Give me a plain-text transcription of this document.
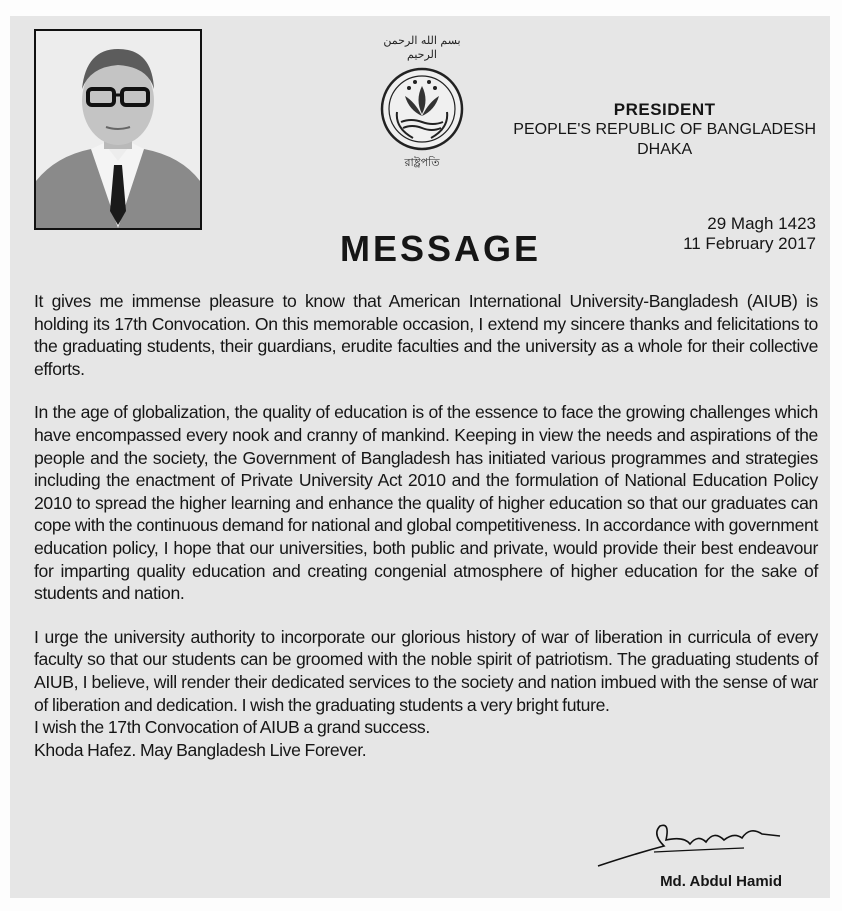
بسم الله الرحمن الرحيم
রাষ্ট্রপতি
PRESIDENT
PEOPLE'S REPUBLIC OF BANGLADESH
DHAKA
29 Magh 1423
11 February 2017
MESSAGE

It gives me immense pleasure to know that American International University-Bangladesh (AIUB) is holding its 17th Convocation. On this memorable occasion, I extend my sincere thanks and felicitations to the graduating students, their guardians, erudite faculties and the university as a whole for their collective efforts.

In the age of globalization, the quality of education is of the essence to face the growing challenges which have encompassed every nook and cranny of mankind. Keeping in view the needs and aspirations of the people and the society, the Government of Bangladesh has initiated various programmes and strategies including the enactment of Private University Act 2010 and the formulation of National Education Policy 2010 to spread the higher learning and enhance the quality of higher education so that our graduates can cope with the continuous demand for national and global competitiveness. In accordance with government education policy, I hope that our universities, both public and private, would provide their best endeavour for imparting quality education and creating congenial atmosphere of higher education for the sake of students and nation.

I urge the university authority to incorporate our glorious history of war of liberation in curricula of every faculty so that our students can be groomed with the noble spirit of patriotism. The graduating students of AIUB, I believe, will render their dedicated services to the society and nation imbued with the sense of war of liberation and dedication. I wish the graduating students a very bright future.

I wish the 17th Convocation of AIUB a grand success.
Khoda Hafez. May Bangladesh Live Forever.
Md. Abdul Hamid
